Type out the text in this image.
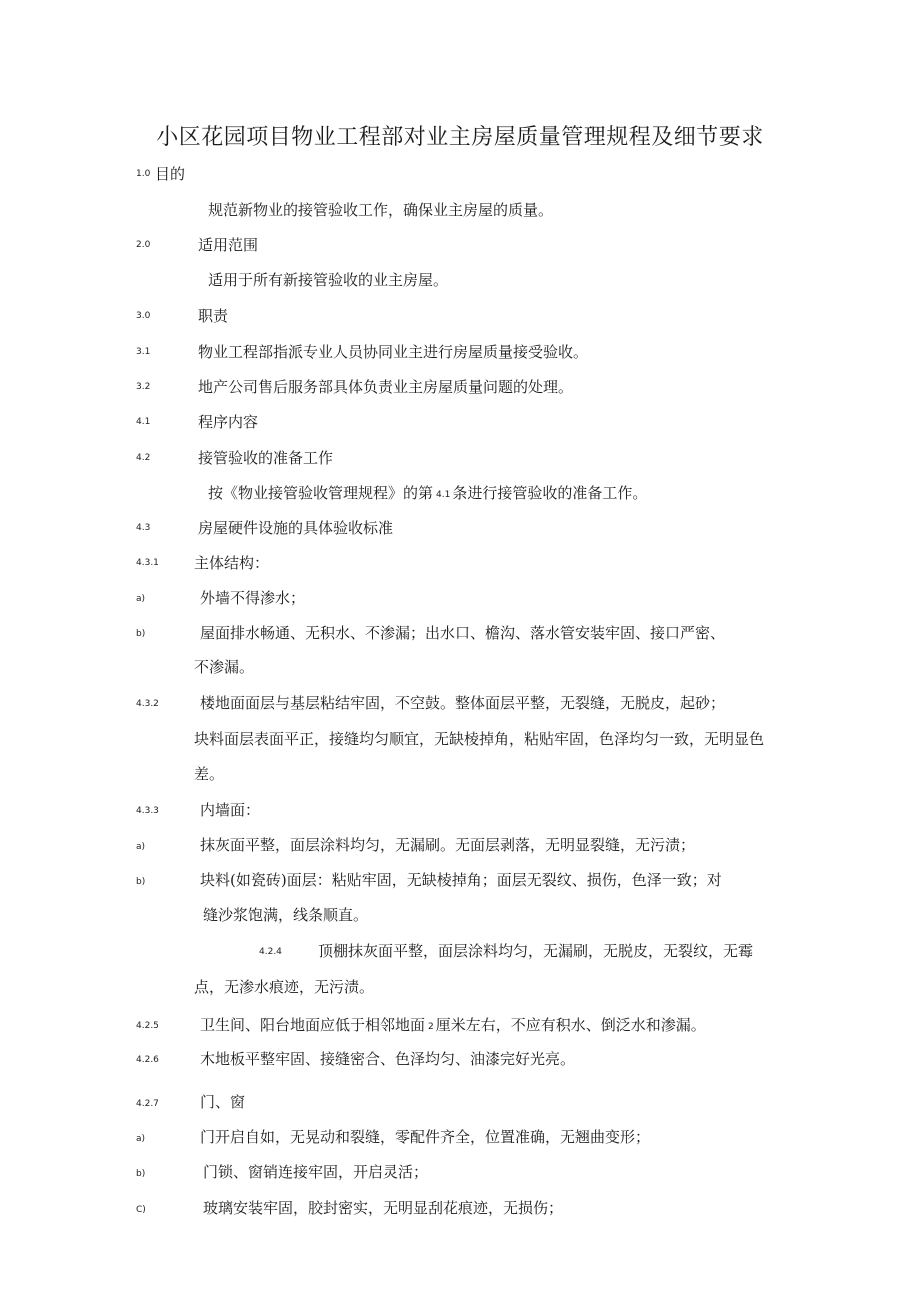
小区花园项目物业工程部对业主房屋质量管理规程及细节要求
1.0 目的
规范新物业的接管验收工作，确保业主房屋的质量。
2.0	适用范围
适用于所有新接管验收的业主房屋。
3.0	职责
3.1	物业工程部指派专业人员协同业主进行房屋质量接受验收。
3.2	地产公司售后服务部具体负责业主房屋质量问题的处理。
4.1	程序内容
4.2	接管验收的准备工作
按《物业接管验收管理规程》的第 4.1 条进行接管验收的准备工作。
4.3	房屋硬件设施的具体验收标准
4.3.1 主体结构：
a)	外墙不得渗水；
b)	屋面排水畅通、无积水、不渗漏；出水口、檐沟、落水管安装牢固、接口严密、
不渗漏。
4.3.2	楼地面面层与基层粘结牢固，不空鼓。整体面层平整，无裂缝，无脱皮，起砂；
块料面层表面平正，接缝均匀顺宜，无缺棱掉角，粘贴牢固，色泽均匀一致，无明显色
差。
4.3.3	内墙面：
a)	抹灰面平整，面层涂料均匀，无漏刷。无面层剥落，无明显裂缝，无污渍；
b)	块料(如瓷砖)面层：粘贴牢固，无缺棱掉角；面层无裂纹、损伤，色泽一致；对
缝沙浆饱满，线条顺直。
4.2.4 顶棚抹灰面平整，面层涂料均匀，无漏刷，无脱皮，无裂纹，无霉
点，无渗水痕迹，无污渍。
4.2.5	卫生间、阳台地面应低于相邻地面 2 厘米左右，不应有积水、倒泛水和渗漏。
4.2.6	木地板平整牢固、接缝密合、色泽均匀、油漆完好光亮。
4.2.7	门、窗
a)	门开启自如，无晃动和裂缝，零配件齐全，位置准确，无翘曲变形；
b)	门锁、窗销连接牢固，开启灵活；
C)	玻璃安装牢固，胶封密实，无明显刮花痕迹，无损伤；
